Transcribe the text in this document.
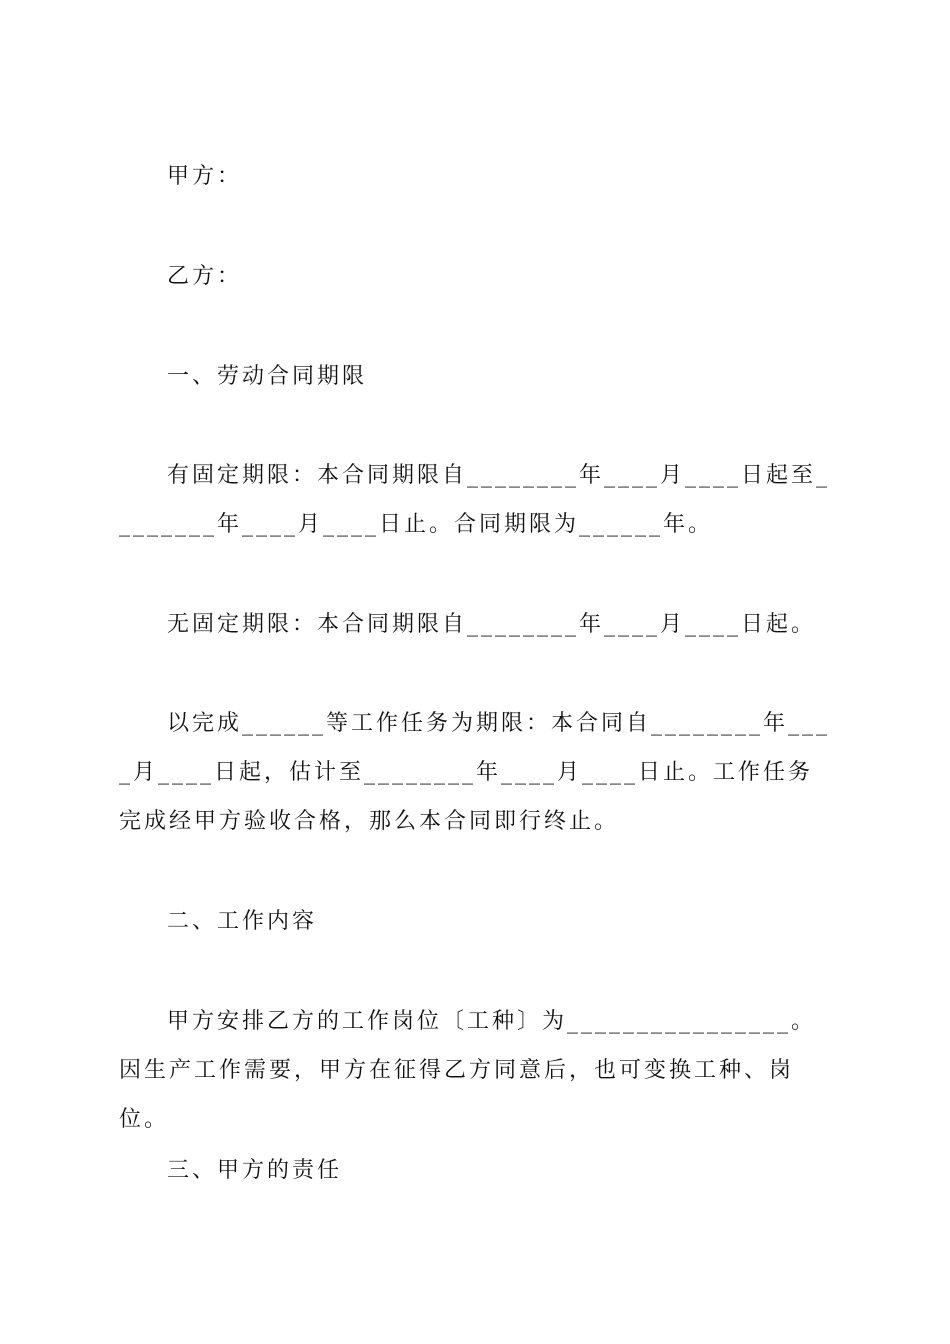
甲方：

乙方：

一、劳动合同期限

有固定期限：本合同期限自________年____月____日起至________年____月____日止。合同期限为______年。

无固定期限：本合同期限自________年____月____日起。

以完成______等工作任务为期限：本合同自________年____月____日起，估计至________年____月____日止。工作任务完成经甲方验收合格，那么本合同即行终止。

二、工作内容

甲方安排乙方的工作岗位〔工种〕为________________。因生产工作需要，甲方在征得乙方同意后，也可变换工种、岗位。

三、甲方的责任
